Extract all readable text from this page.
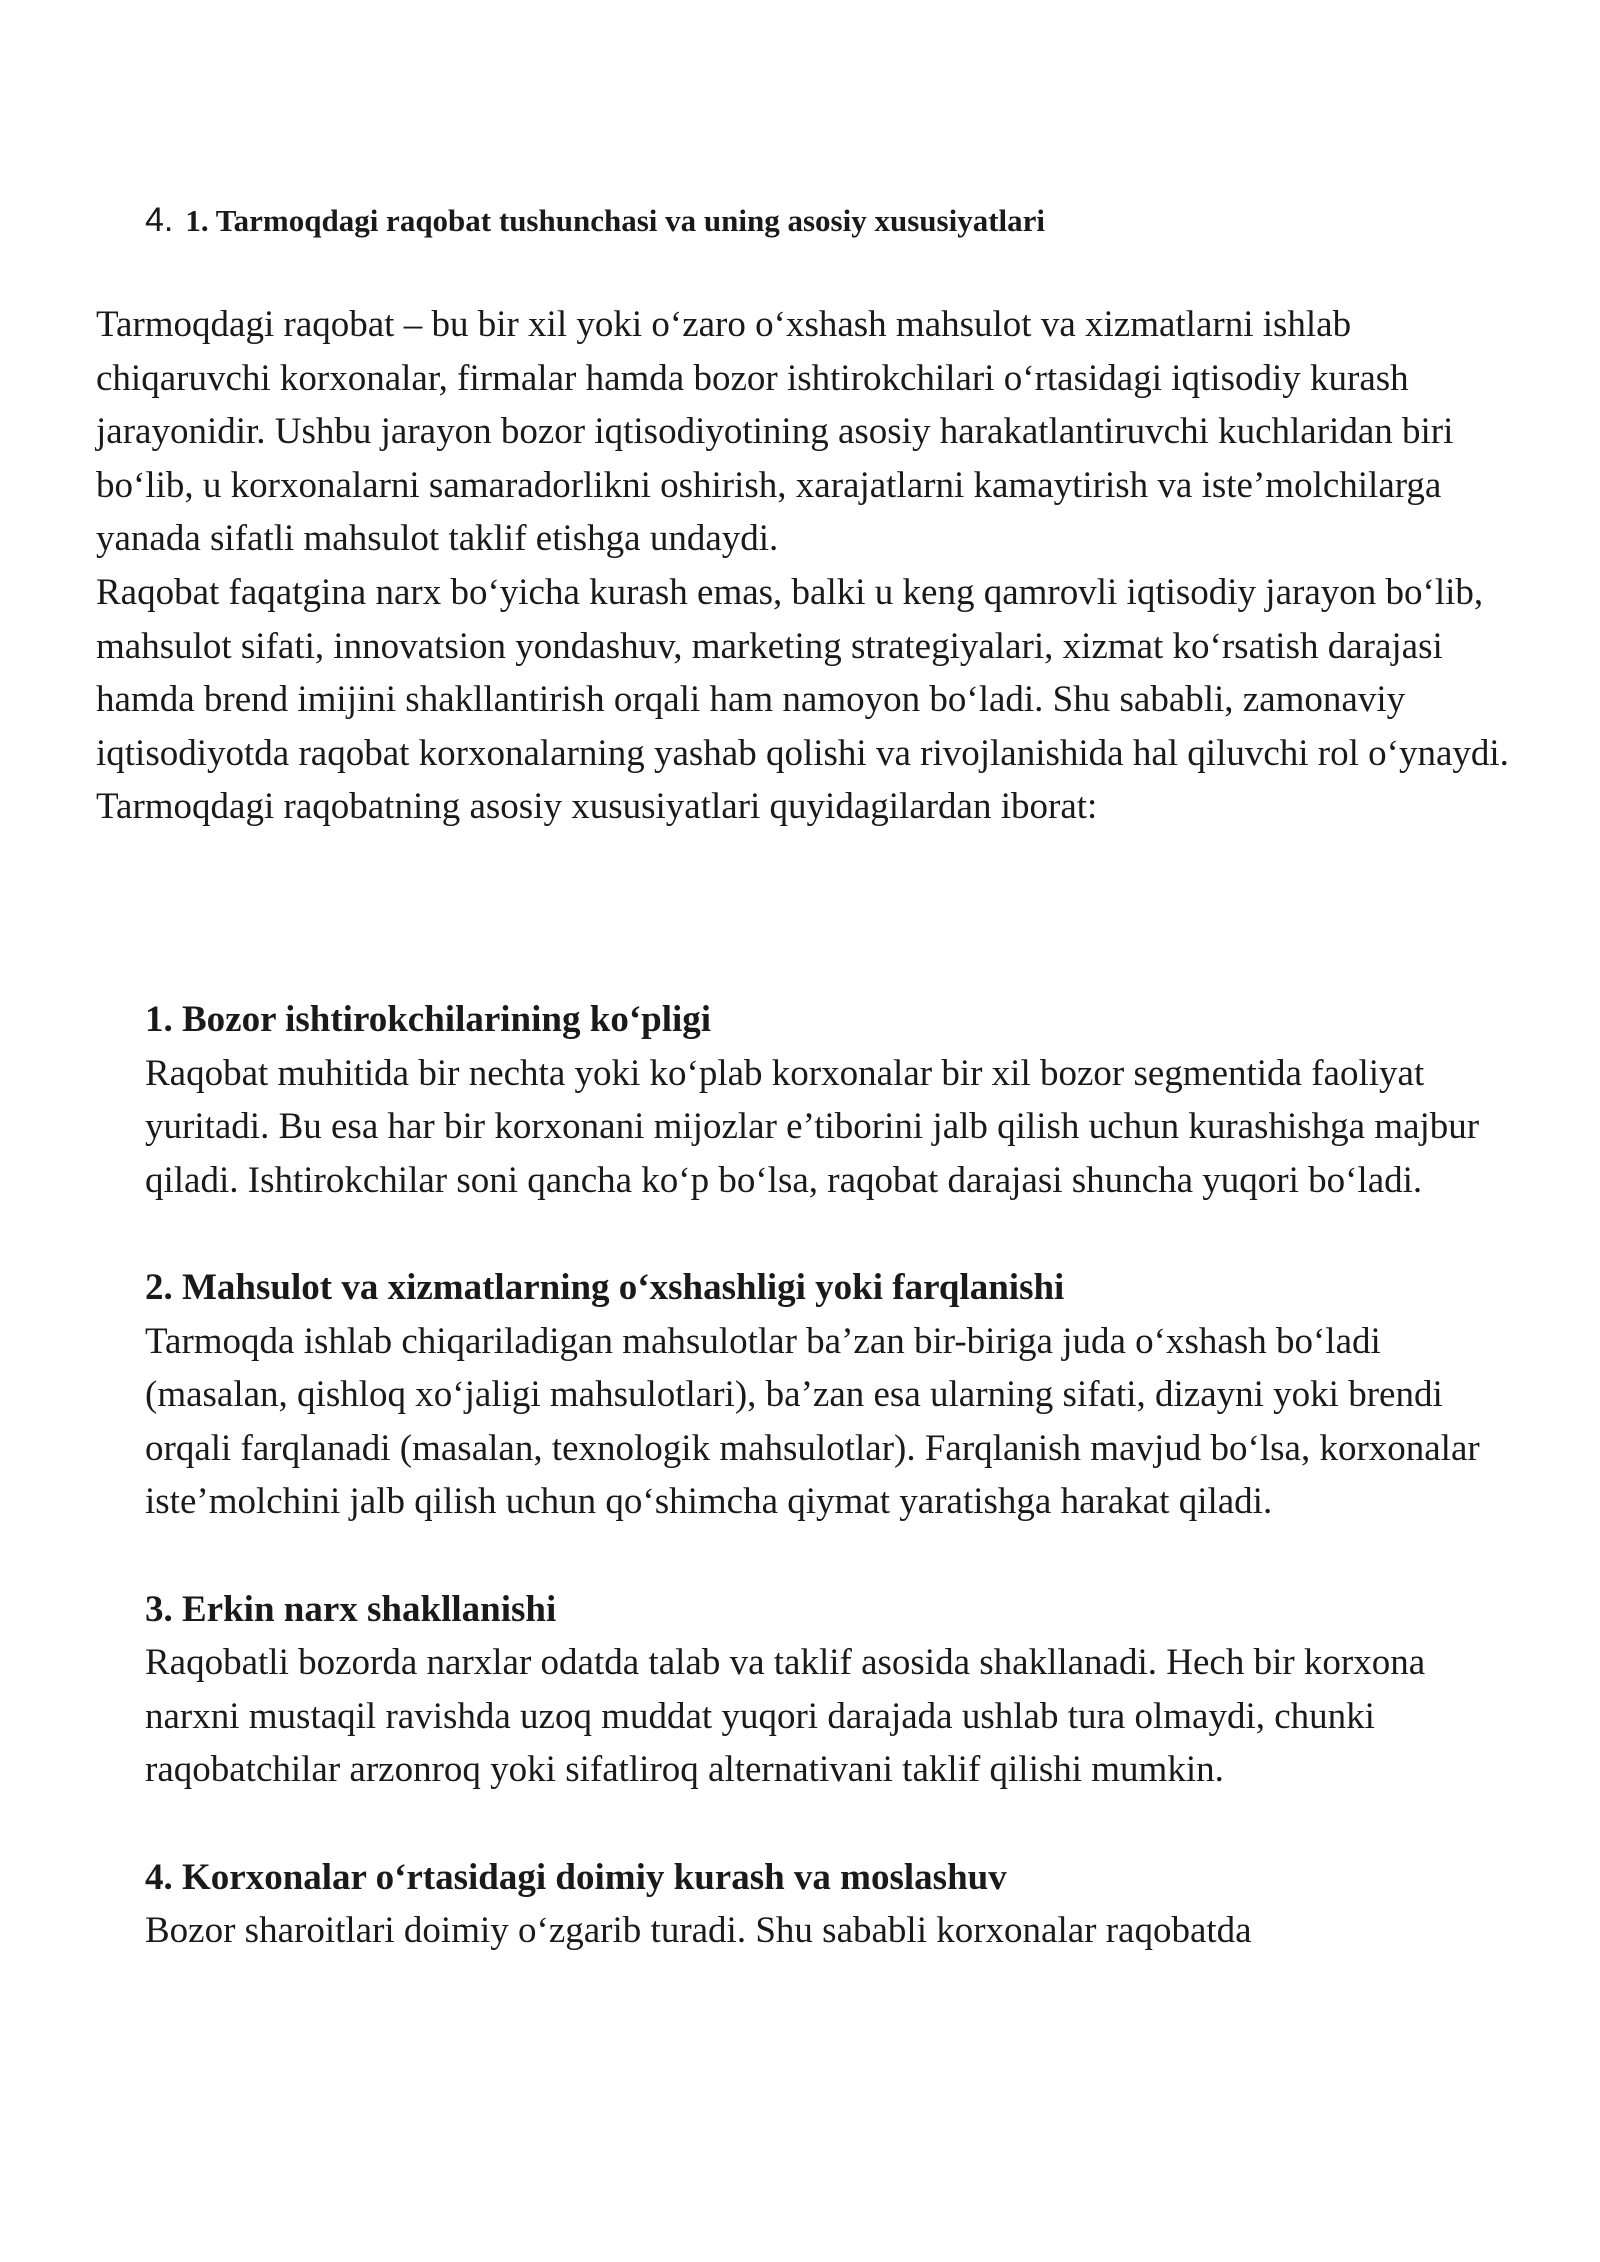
4. 1. Tarmoqdagi raqobat tushunchasi va uning asosiy xususiyatlari

Tarmoqdagi raqobat – bu bir xil yoki o‘zaro o‘xshash mahsulot va xizmatlarni ishlab chiqaruvchi korxonalar, firmalar hamda bozor ishtirokchilari o‘rtasidagi iqtisodiy kurash jarayonidir. Ushbu jarayon bozor iqtisodiyotining asosiy harakatlantiruvchi kuchlaridan biri bo‘lib, u korxonalarni samaradorlikni oshirish, xarajatlarni kamaytirish va iste’molchilarga yanada sifatli mahsulot taklif etishga undaydi.

Raqobat faqatgina narx bo‘yicha kurash emas, balki u keng qamrovli iqtisodiy jarayon bo‘lib, mahsulot sifati, innovatsion yondashuv, marketing strategiyalari, xizmat ko‘rsatish darajasi hamda brend imijini shakllantirish orqali ham namoyon bo‘ladi. Shu sababli, zamonaviy iqtisodiyotda raqobat korxonalarning yashab qolishi va rivojlanishida hal qiluvchi rol o‘ynaydi.

Tarmoqdagi raqobatning asosiy xususiyatlari quyidagilardan iborat:

1. Bozor ishtirokchilarining ko‘pligi

Raqobat muhitida bir nechta yoki ko‘plab korxonalar bir xil bozor segmentida faoliyat yuritadi. Bu esa har bir korxonani mijozlar e’tiborini jalb qilish uchun kurashishga majbur qiladi. Ishtirokchilar soni qancha ko‘p bo‘lsa, raqobat darajasi shuncha yuqori bo‘ladi.

2. Mahsulot va xizmatlarning o‘xshashligi yoki farqlanishi

Tarmoqda ishlab chiqariladigan mahsulotlar ba’zan bir-biriga juda o‘xshash bo‘ladi (masalan, qishloq xo‘jaligi mahsulotlari), ba’zan esa ularning sifati, dizayni yoki brendi orqali farqlanadi (masalan, texnologik mahsulotlar). Farqlanish mavjud bo‘lsa, korxonalar iste’molchini jalb qilish uchun qo‘shimcha qiymat yaratishga harakat qiladi.

3. Erkin narx shakllanishi

Raqobatli bozorda narxlar odatda talab va taklif asosida shakllanadi. Hech bir korxona narxni mustaqil ravishda uzoq muddat yuqori darajada ushlab tura olmaydi, chunki raqobatchilar arzonroq yoki sifatliroq alternativani taklif qilishi mumkin.

4. Korxonalar o‘rtasidagi doimiy kurash va moslashuv

Bozor sharoitlari doimiy o‘zgarib turadi. Shu sababli korxonalar raqobatda
